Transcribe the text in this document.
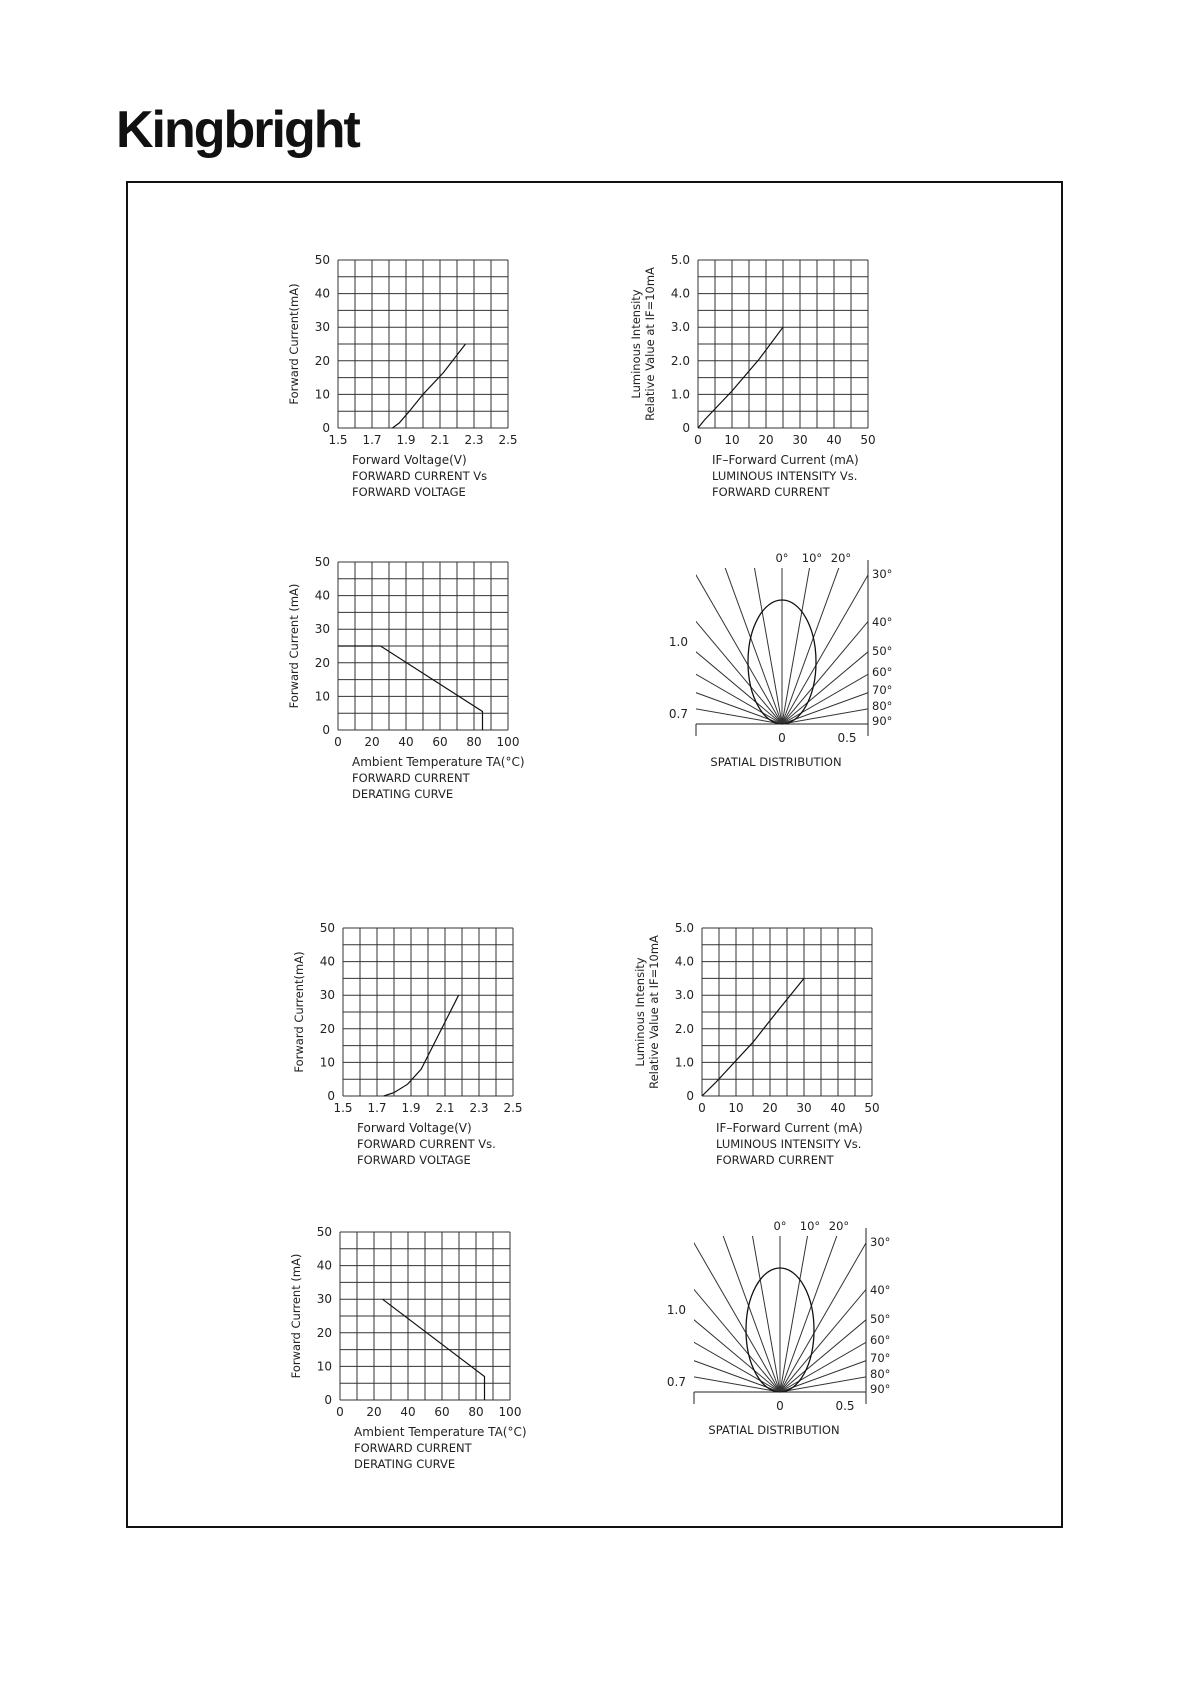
Kingbright
1.5 1.7 1.9 2.1 2.3 2.5
0
10
20
30
40
50
Forward Current(mA)
Forward Voltage(V)
FORWARD CURRENT Vs
FORWARD VOLTAGE
0 10 20 30 40 50
0
1.0
2.0
3.0
4.0
5.0
Luminous Intensity Relative Value at IF=10mA
IF–Forward Current (mA)
LUMINOUS INTENSITY Vs.
FORWARD CURRENT
0 20 40 60 80 100
0
10
20
30
40
50
Forward Current (mA)
Ambient Temperature TA(°C)
FORWARD CURRENT
DERATING CURVE
0° 10° 20°
30°
40°
50°
60°
70°
80°
90°
1.0
0.7
0	0.5
SPATIAL DISTRIBUTION
1.5 1.7 1.9 2.1 2.3 2.5
0
10
20
30
40
50
Forward Current(mA)
Forward Voltage(V)
FORWARD CURRENT Vs.
FORWARD VOLTAGE
0 10 20 30 40 50
0
1.0
2.0
3.0
4.0
5.0
Luminous Intensity Relative Value at IF=10mA
IF–Forward Current (mA)
LUMINOUS INTENSITY Vs.
FORWARD CURRENT
0 20 40 60 80 100
0
10
20
30
40
50
Forward Current (mA)
Ambient Temperature TA(°C)
FORWARD CURRENT
DERATING CURVE
0° 10° 20°
30°
40°
50°
60°
70°
80°
90°
1.0
0.7
0	0.5
SPATIAL DISTRIBUTION
